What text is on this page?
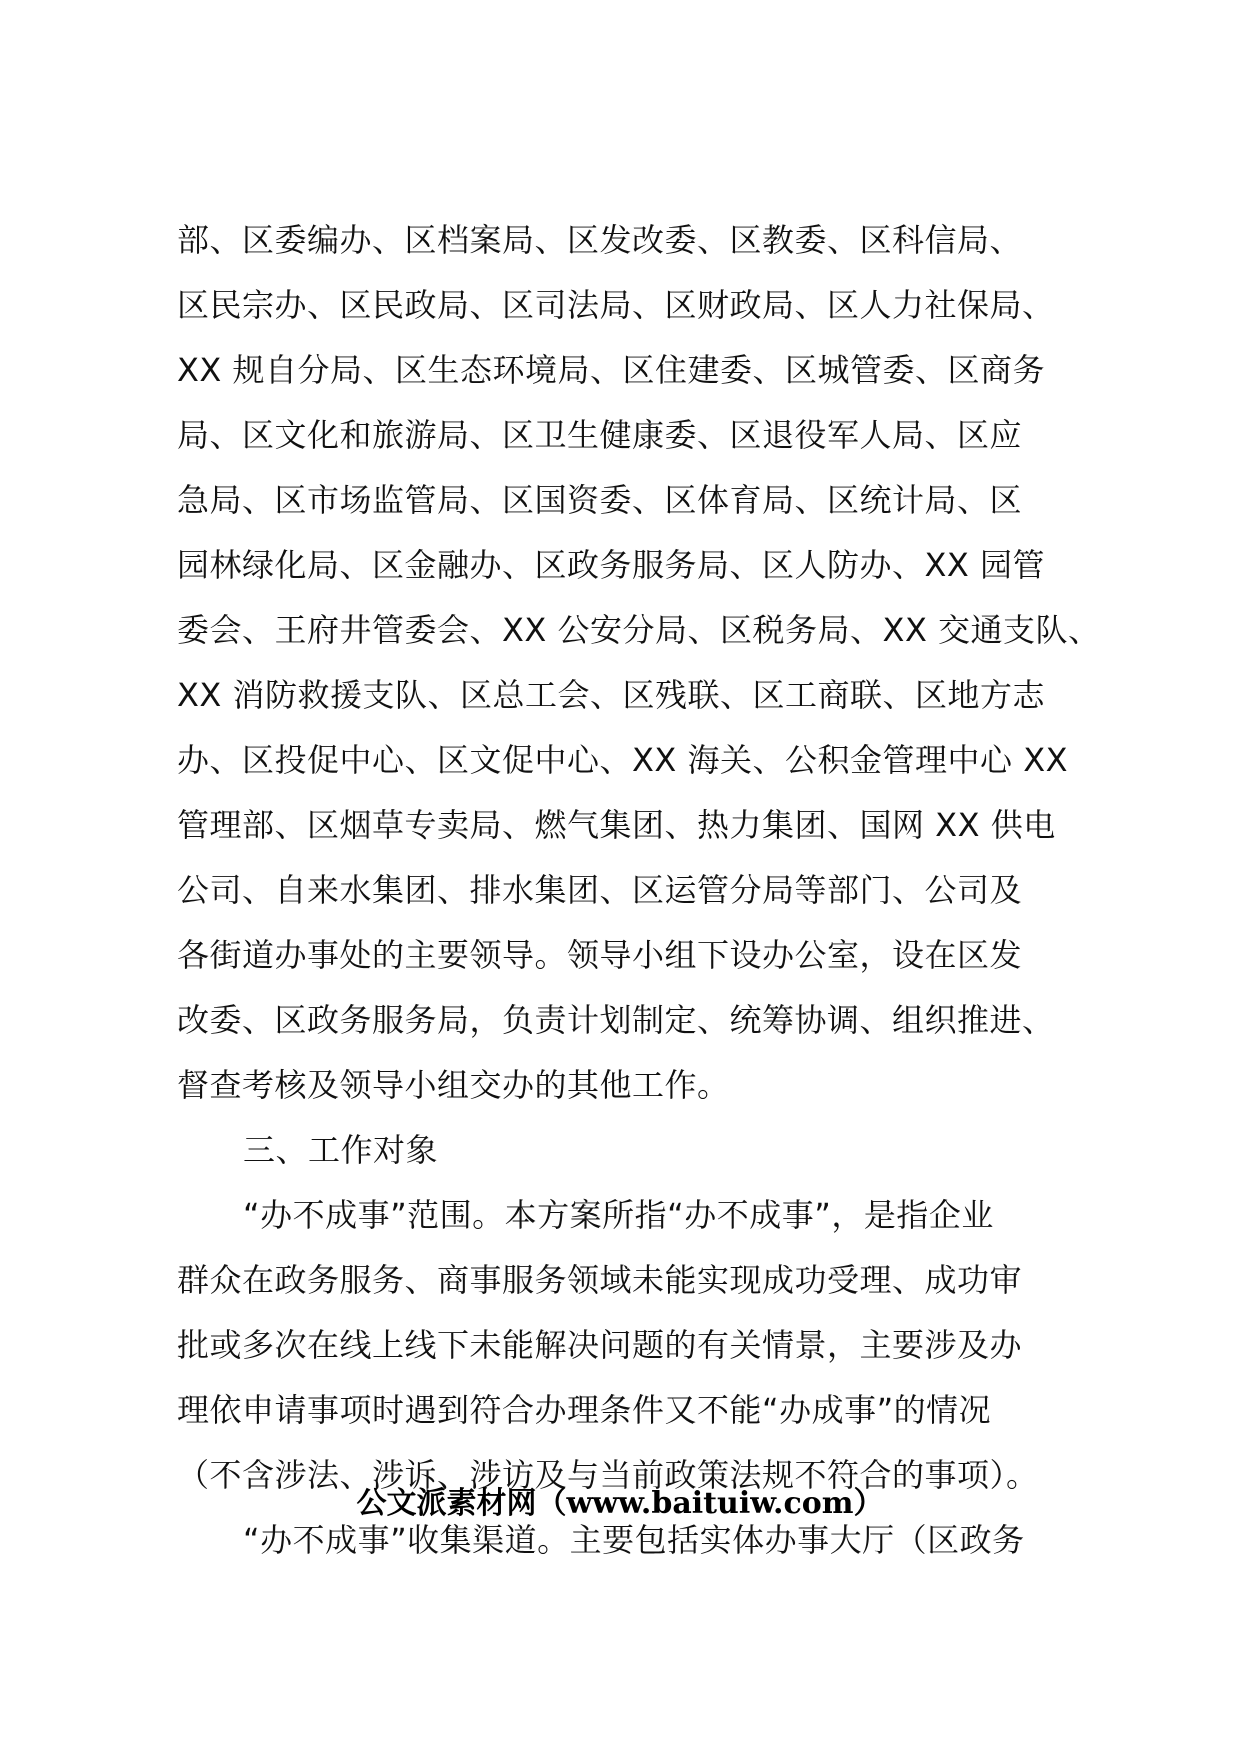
部、区委编办、区档案局、区发改委、区教委、区科信局、
区民宗办、区民政局、区司法局、区财政局、区人力社保局、
XX 规自分局、区生态环境局、区住建委、区城管委、区商务
局、区文化和旅游局、区卫生健康委、区退役军人局、区应
急局、区市场监管局、区国资委、区体育局、区统计局、区
园林绿化局、区金融办、区政务服务局、区人防办、XX 园管
委会、王府井管委会、XX 公安分局、区税务局、XX 交通支队、
XX 消防救援支队、区总工会、区残联、区工商联、区地方志
办、区投促中心、区文促中心、XX 海关、公积金管理中心 XX
管理部、区烟草专卖局、燃气集团、热力集团、国网 XX 供电
公司、自来水集团、排水集团、区运管分局等部门、公司及
各街道办事处的主要领导。领导小组下设办公室，设在区发
改委、区政务服务局，负责计划制定、统筹协调、组织推进、
督查考核及领导小组交办的其他工作。
三、工作对象
“办不成事”范围。本方案所指“办不成事”，是指企业
群众在政务服务、商事服务领域未能实现成功受理、成功审
批或多次在线上线下未能解决问题的有关情景，主要涉及办
理依申请事项时遇到符合办理条件又不能“办成事”的情况
（不含涉法、涉诉、涉访及与当前政策法规不符合的事项）。
“办不成事”收集渠道。主要包括实体办事大厅（区政务
公文派素材网（www.baituiw.com）
